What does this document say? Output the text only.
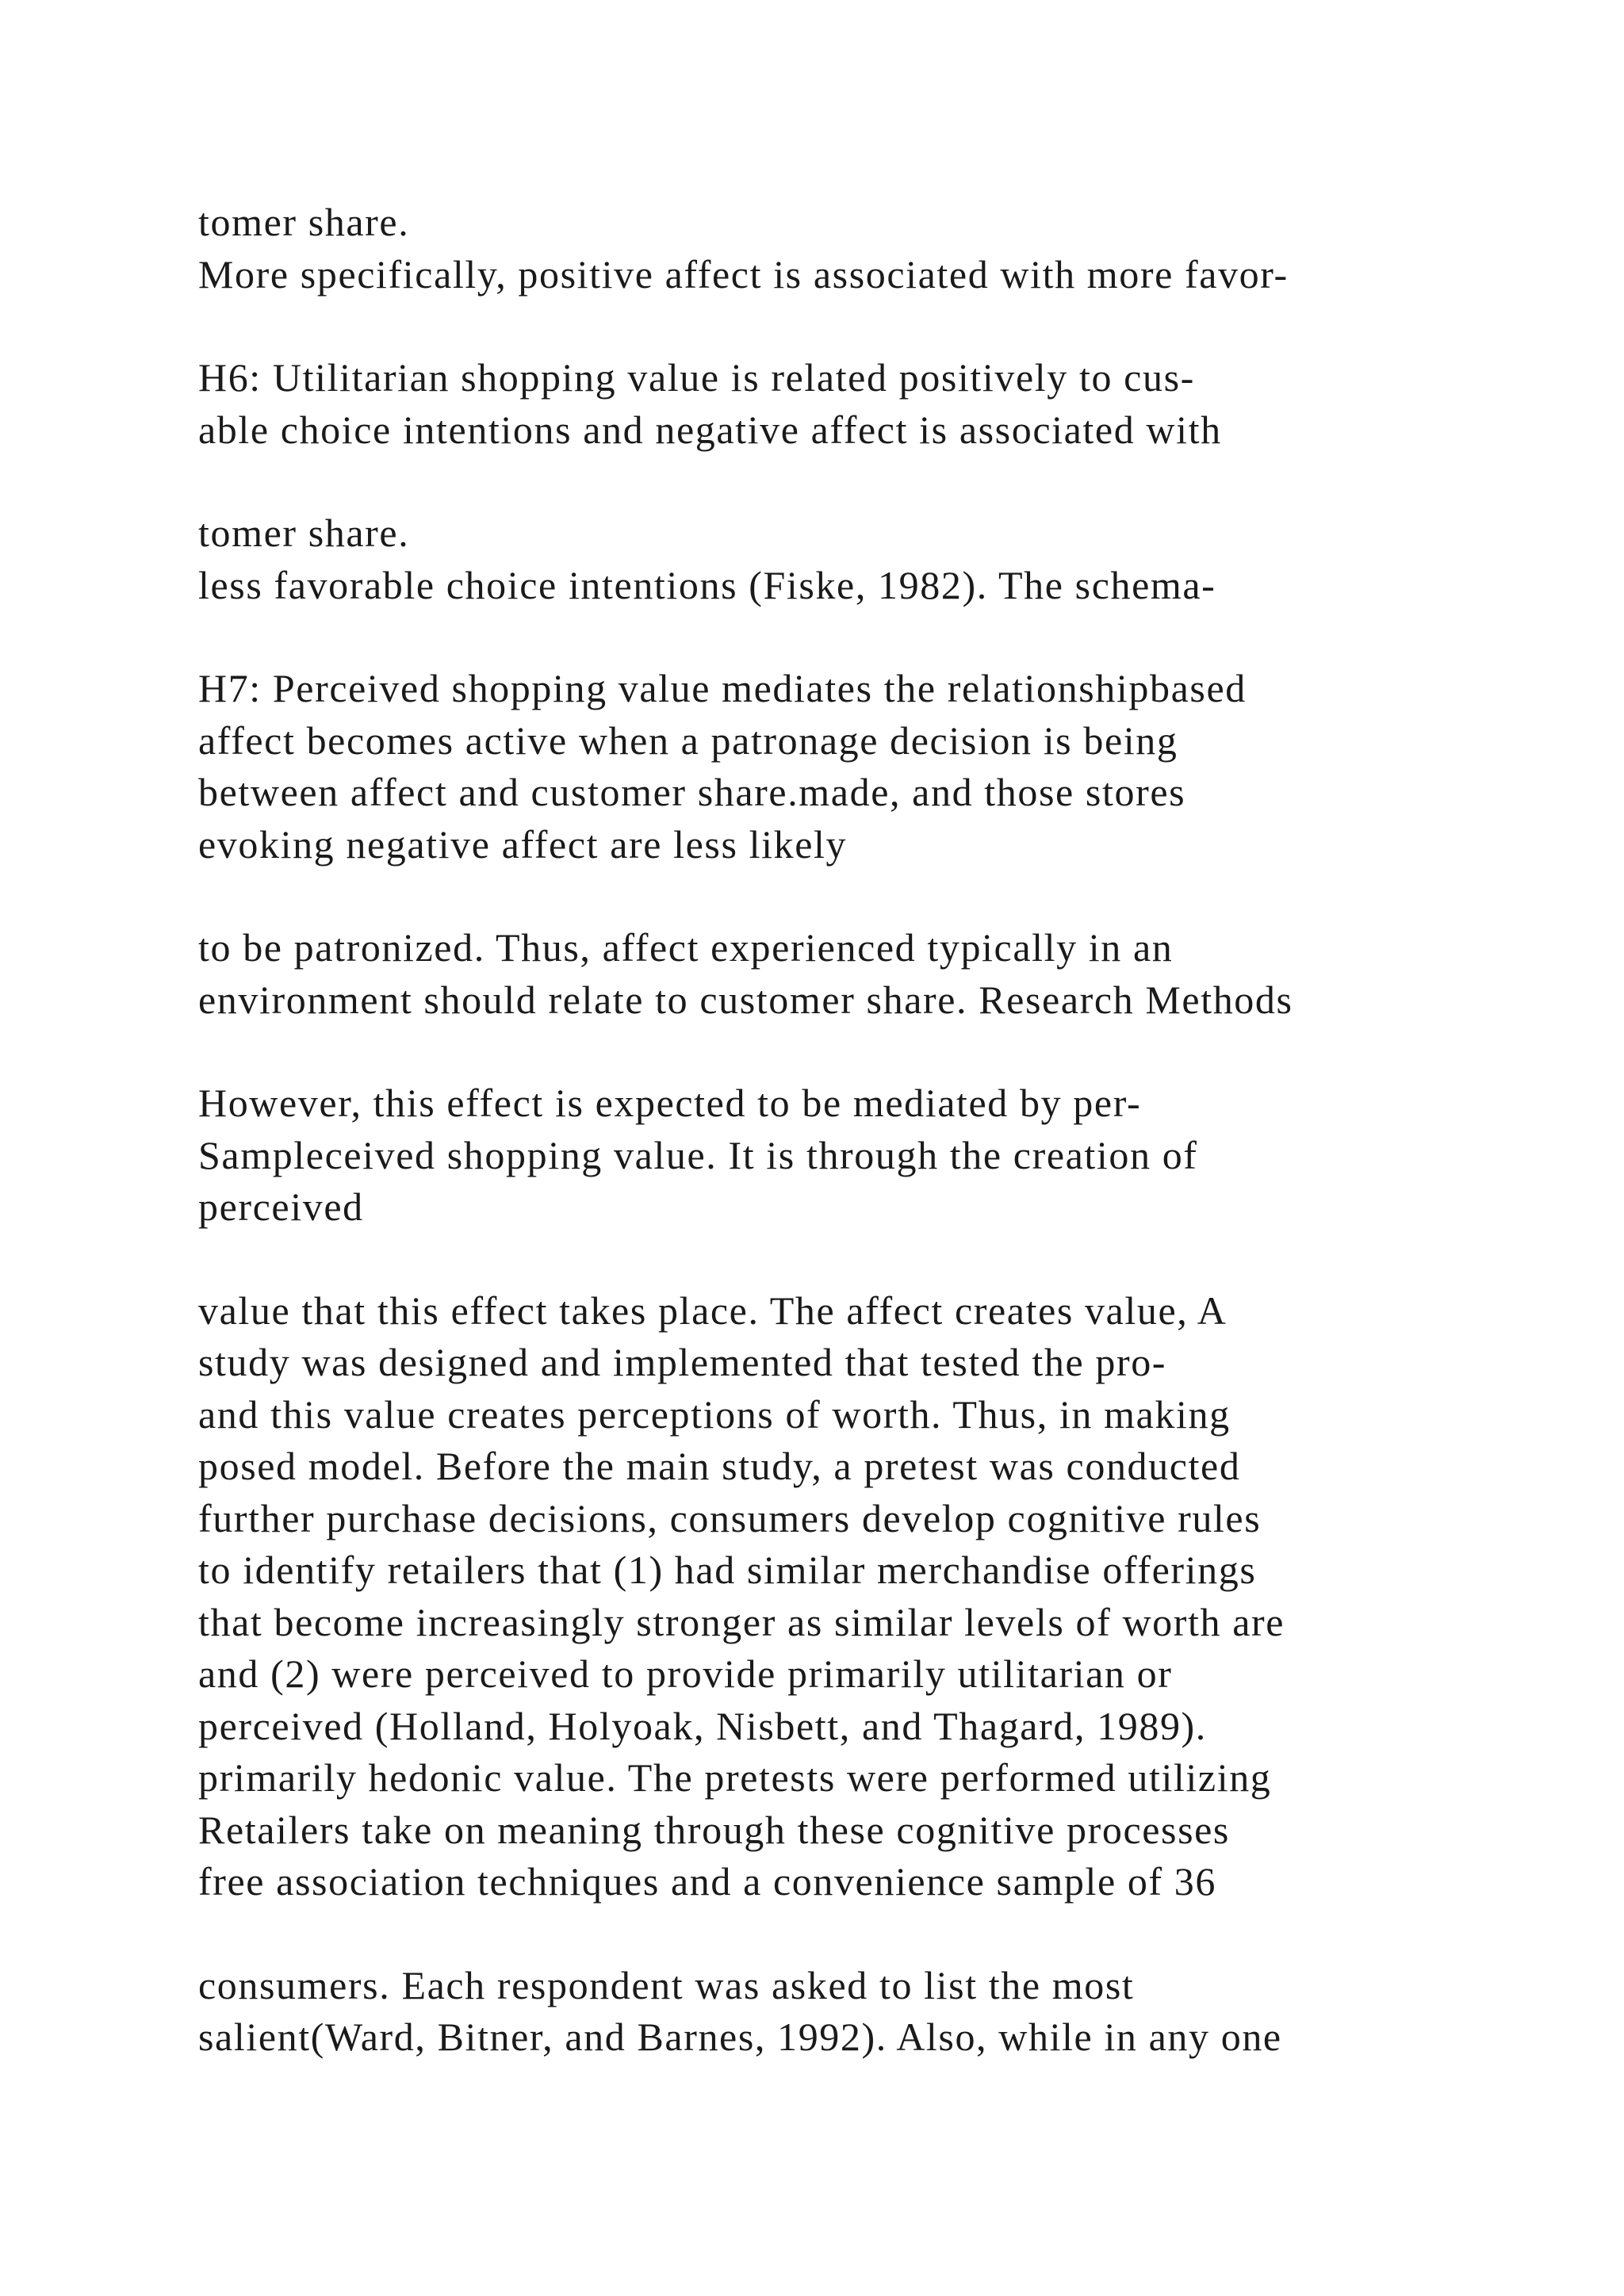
tomer share.
More specifically, positive affect is associated with more favor-
H6: Utilitarian shopping value is related positively to cus-
able choice intentions and negative affect is associated with
tomer share.
less favorable choice intentions (Fiske, 1982). The schema-
H7: Perceived shopping value mediates the relationshipbased
affect becomes active when a patronage decision is being
between affect and customer share.made, and those stores
evoking negative affect are less likely
to be patronized. Thus, affect experienced typically in an
environment should relate to customer share. Research Methods
However, this effect is expected to be mediated by per-
Sampleceived shopping value. It is through the creation of
perceived
value that this effect takes place. The affect creates value, A
study was designed and implemented that tested the pro-
and this value creates perceptions of worth. Thus, in making
posed model. Before the main study, a pretest was conducted
further purchase decisions, consumers develop cognitive rules
to identify retailers that (1) had similar merchandise offerings
that become increasingly stronger as similar levels of worth are
and (2) were perceived to provide primarily utilitarian or
perceived (Holland, Holyoak, Nisbett, and Thagard, 1989).
primarily hedonic value. The pretests were performed utilizing
Retailers take on meaning through these cognitive processes
free association techniques and a convenience sample of 36
consumers. Each respondent was asked to list the most
salient(Ward, Bitner, and Barnes, 1992). Also, while in any one
